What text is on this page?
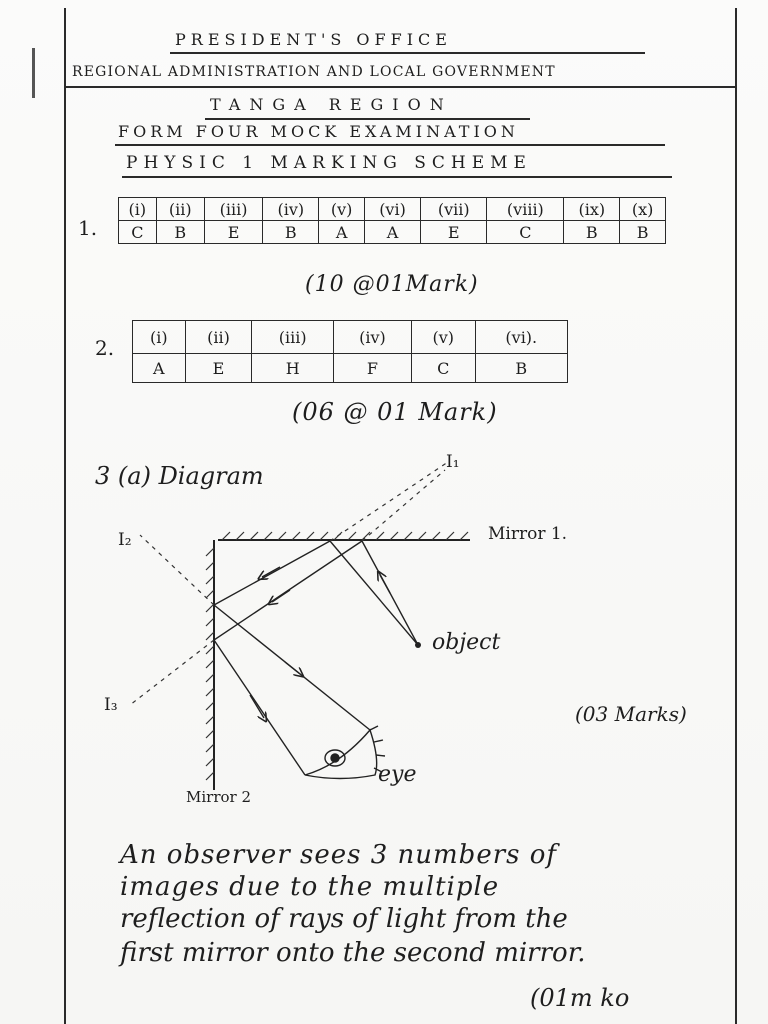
PRESIDENT'S OFFICE
REGIONAL ADMINISTRATION AND LOCAL GOVERNMENT
TANGA REGION
FORM FOUR MOCK EXAMINATION
PHYSIC 1 MARKING SCHEME
1.
(i)	(ii)	(iii)	(iv)	(v)	(vi)	(vii)	(viii)	(ix)	(x)
C	B	E	B	A	A	E	C	B	B
(10 @01Mark)
2. (i)	(ii)	(iii)	(iv)	(v)	(vi).
A	E	H	F	C	B
(06 @ 01 Mark)
3 (a) Diagram
Mirror 1.
Mirror 2
object
eye
I₁
I₂
I₃	(03 Marks)
An observer sees 3 numbers of
images due to the multiple
reflection of rays of light from the
first mirror onto the second mirror.
(01m ko
